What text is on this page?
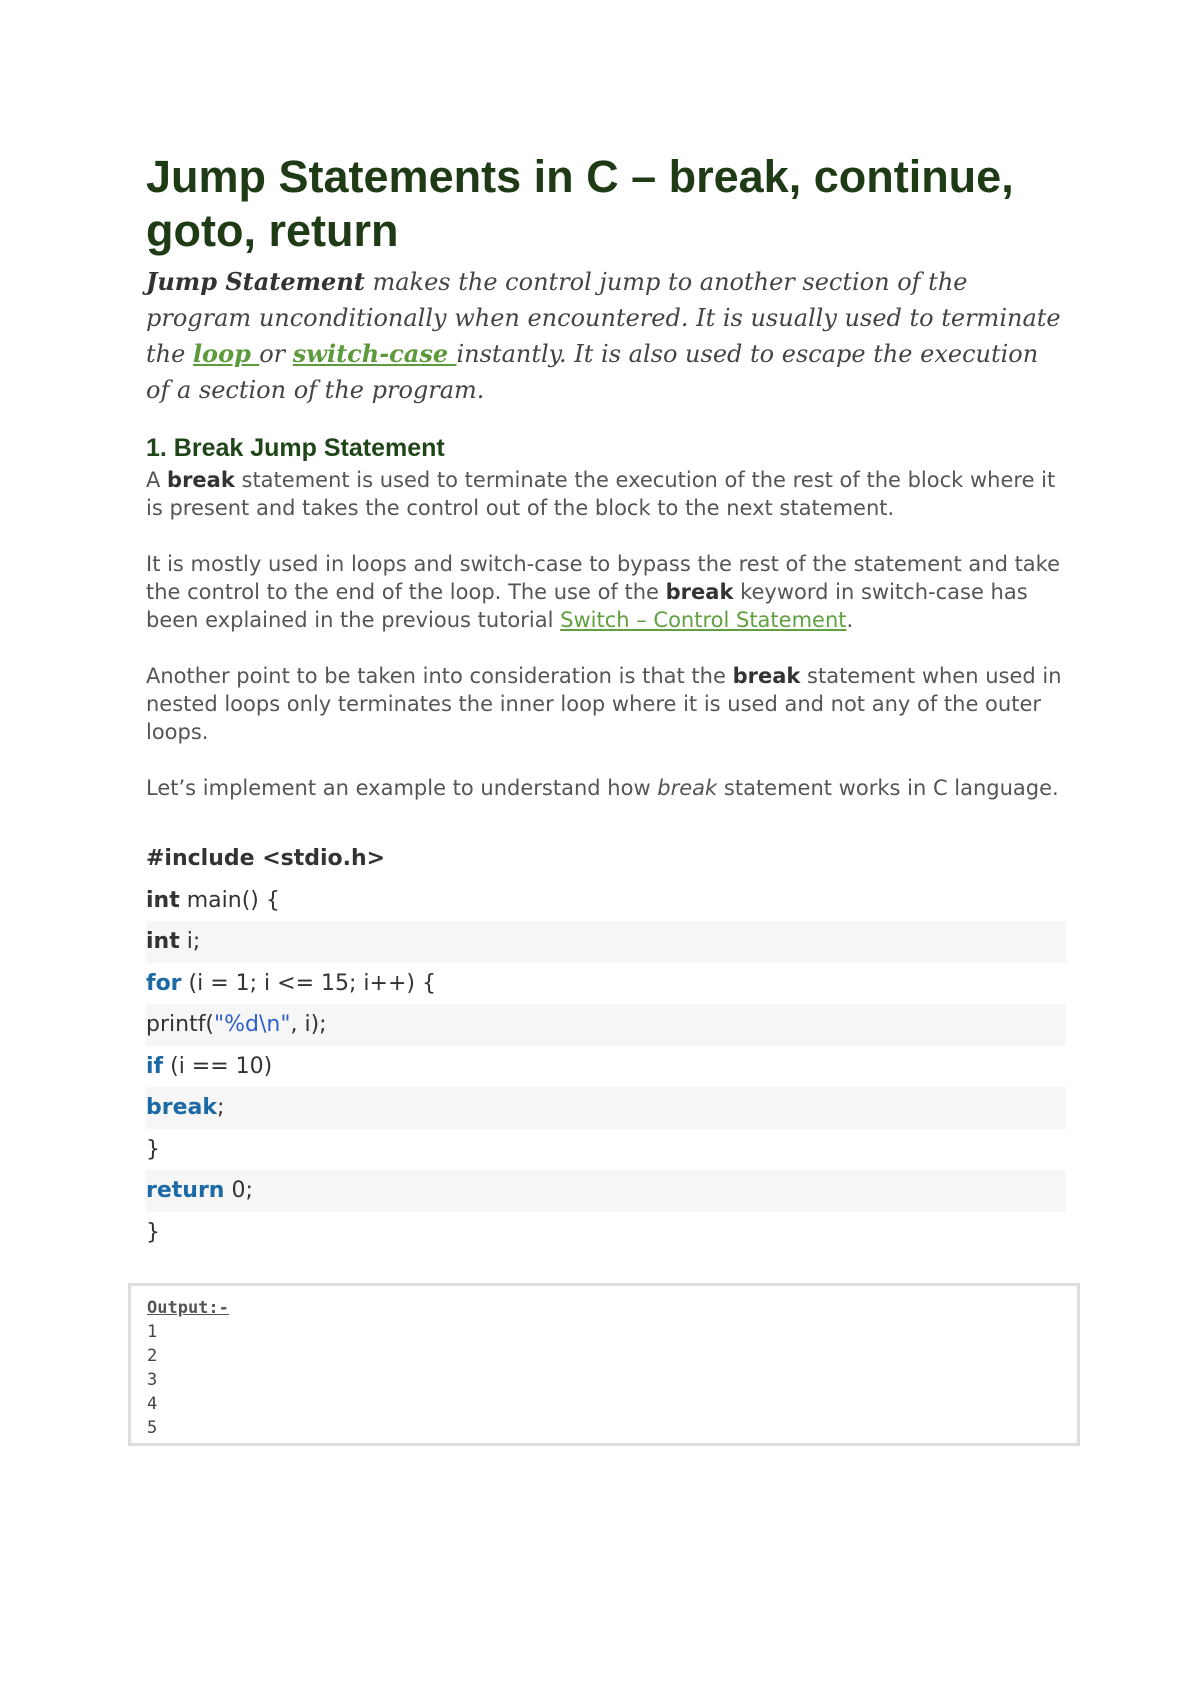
Jump Statements in C – break, continue, goto, return

Jump Statement makes the control jump to another section of the program unconditionally when encountered. It is usually used to terminate the loop or switch-case instantly. It is also used to escape the execution of a section of the program.

1. Break Jump Statement

A break statement is used to terminate the execution of the rest of the block where it is present and takes the control out of the block to the next statement.

It is mostly used in loops and switch-case to bypass the rest of the statement and take the control to the end of the loop. The use of the break keyword in switch-case has been explained in the previous tutorial Switch – Control Statement.

Another point to be taken into consideration is that the break statement when used in nested loops only terminates the inner loop where it is used and not any of the outer loops.

Let’s implement an example to understand how break statement works in C language.

#include <stdio.h>
int main() {
int i;
for (i = 1; i <= 15; i++) {
printf("%d\n", i);
if (i == 10)
break;
}
return 0;
}
Output:-
1
2
3
4
5
